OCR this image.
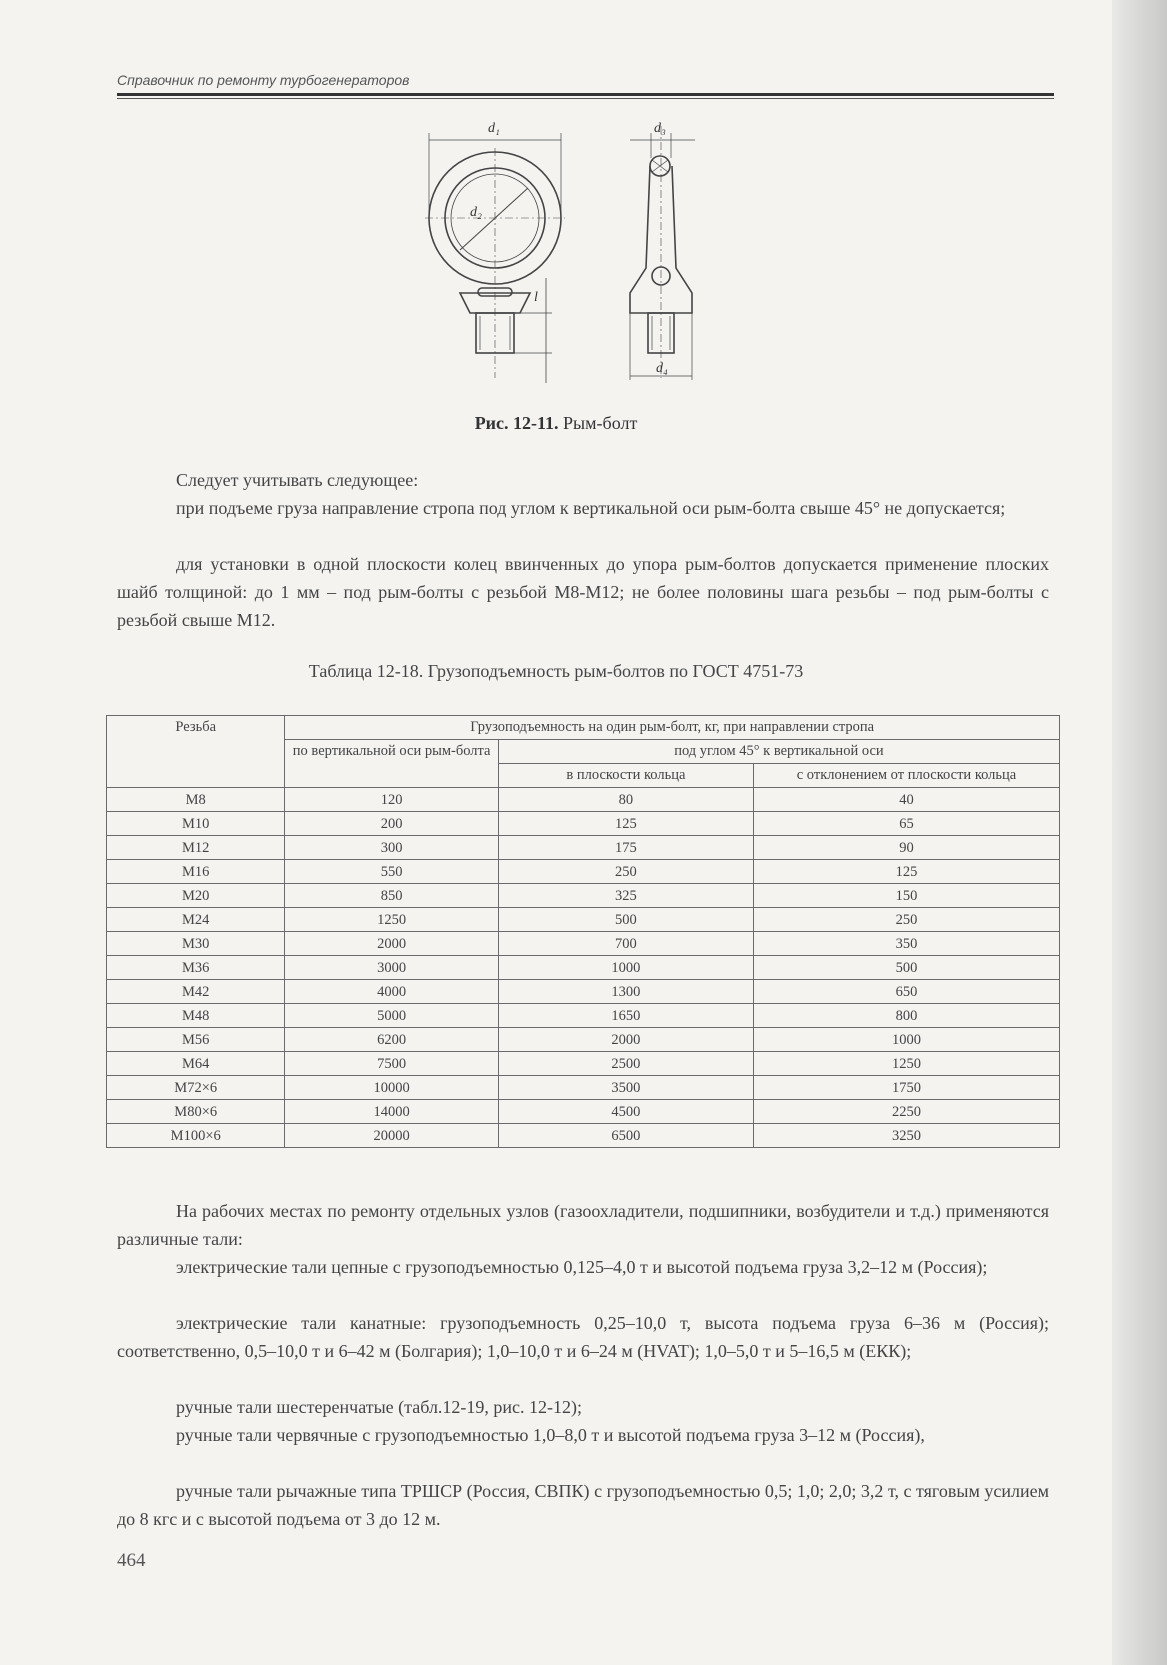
Справочник по ремонту турбогенераторов
d₁
d₂
d₃
d₄
l
Рис. 12-11. Рым-болт
Следует учитывать следующее:
при подъеме груза направление стропа под углом к вертикальной оси рым-болта свыше 45° не допускается;
для установки в одной плоскости колец ввинченных до упора рым-болтов допускается применение плоских шайб толщиной: до 1 мм – под рым-болты с резьбой М8-М12; не более половины шага резьбы – под рым-болты с резьбой свыше М12.
Таблица 12-18. Грузоподъемность рым-болтов по ГОСТ 4751-73
Резьба	Грузоподъемность на один рым-болт, кг, при направлении стропа		
	по вертикальной оси рым-болта	под углом 45° к вертикальной оси	
		в плоскости кольца	с отклонением от плоскости кольца
М8	120	80	40
М10	200	125	65
М12	300	175	90
М16	550	250	125
М20	850	325	150
М24	1250	500	250
М30	2000	700	350
М36	3000	1000	500
М42	4000	1300	650
М48	5000	1650	800
М56	6200	2000	1000
М64	7500	2500	1250
М72×6	10000	3500	1750
М80×6	14000	4500	2250
М100×6	20000	6500	3250
На рабочих местах по ремонту отдельных узлов (газоохладители, подшипники, возбудители и т.д.) применяются различные тали:
электрические тали цепные с грузоподъемностью 0,125–4,0 т и высотой подъема груза 3,2–12 м (Россия);
электрические тали канатные: грузоподъемность 0,25–10,0 т, высота подъема груза 6–36 м (Россия); соответственно, 0,5–10,0 т и 6–42 м (Болгария); 1,0–10,0 т и 6–24 м (HVAT); 1,0–5,0 т и 5–16,5 м (ЕКК);
ручные тали шестеренчатые (табл.12-19, рис. 12-12);
ручные тали червячные с грузоподъемностью 1,0–8,0 т и высотой подъема груза 3–12 м (Россия),
ручные тали рычажные типа ТРШСР (Россия, СВПК) с грузоподъемностью 0,5; 1,0; 2,0; 3,2 т, с тяговым усилием до 8 кгс и с высотой подъема от 3 до 12 м.
464
